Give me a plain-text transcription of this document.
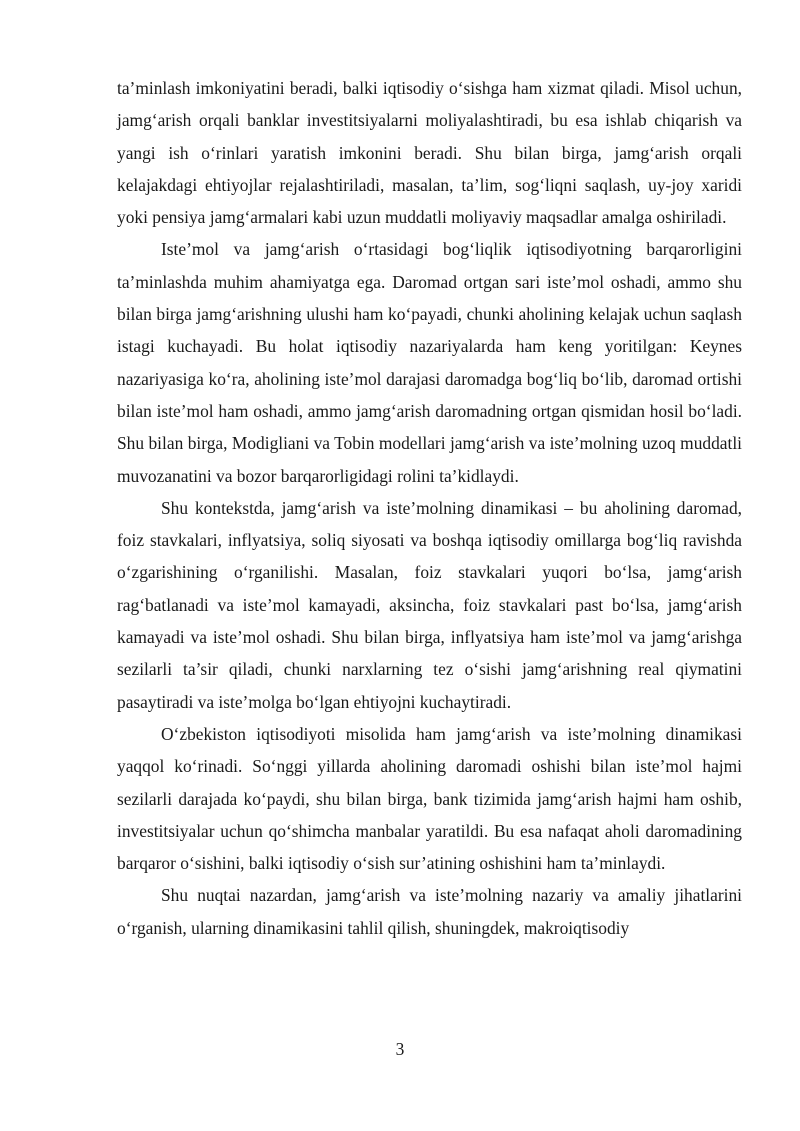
ta’minlash imkoniyatini beradi, balki iqtisodiy o‘sishga ham xizmat qiladi. Misol uchun, jamg‘arish orqali banklar investitsiyalarni moliyalashtiradi, bu esa ishlab chiqarish va yangi ish o‘rinlari yaratish imkonini beradi. Shu bilan birga, jamg‘arish orqali kelajakdagi ehtiyojlar rejalashtiriladi, masalan, ta’lim, sog‘liqni saqlash, uy-joy xaridi yoki pensiya jamg‘armalari kabi uzun muddatli moliyaviy maqsadlar amalga oshiriladi.

Iste’mol va jamg‘arish o‘rtasidagi bog‘liqlik iqtisodiyotning barqarorligini ta’minlashda muhim ahamiyatga ega. Daromad ortgan sari iste’mol oshadi, ammo shu bilan birga jamg‘arishning ulushi ham ko‘payadi, chunki aholining kelajak uchun saqlash istagi kuchayadi. Bu holat iqtisodiy nazariyalarda ham keng yoritilgan: Keynes nazariyasiga ko‘ra, aholining iste’mol darajasi daromadga bog‘liq bo‘lib, daromad ortishi bilan iste’mol ham oshadi, ammo jamg‘arish daromadning ortgan qismidan hosil bo‘ladi. Shu bilan birga, Modigliani va Tobin modellari jamg‘arish va iste’molning uzoq muddatli muvozanatini va bozor barqarorligidagi rolini ta’kidlaydi.

Shu kontekstda, jamg‘arish va iste’molning dinamikasi – bu aholining daromad, foiz stavkalari, inflyatsiya, soliq siyosati va boshqa iqtisodiy omillarga bog‘liq ravishda o‘zgarishining o‘rganilishi. Masalan, foiz stavkalari yuqori bo‘lsa, jamg‘arish rag‘batlanadi va iste’mol kamayadi, aksincha, foiz stavkalari past bo‘lsa, jamg‘arish kamayadi va iste’mol oshadi. Shu bilan birga, inflyatsiya ham iste’mol va jamg‘arishga sezilarli ta’sir qiladi, chunki narxlarning tez o‘sishi jamg‘arishning real qiymatini pasaytiradi va iste’molga bo‘lgan ehtiyojni kuchaytiradi.

O‘zbekiston iqtisodiyoti misolida ham jamg‘arish va iste’molning dinamikasi yaqqol ko‘rinadi. So‘nggi yillarda aholining daromadi oshishi bilan iste’mol hajmi sezilarli darajada ko‘paydi, shu bilan birga, bank tizimida jamg‘arish hajmi ham oshib, investitsiyalar uchun qo‘shimcha manbalar yaratildi. Bu esa nafaqat aholi daromadining barqaror o‘sishini, balki iqtisodiy o‘sish sur’atining oshishini ham ta’minlaydi.

Shu nuqtai nazardan, jamg‘arish va iste’molning nazariy va amaliy jihatlarini o‘rganish, ularning dinamikasini tahlil qilish, shuningdek, makroiqtisodiy

3
